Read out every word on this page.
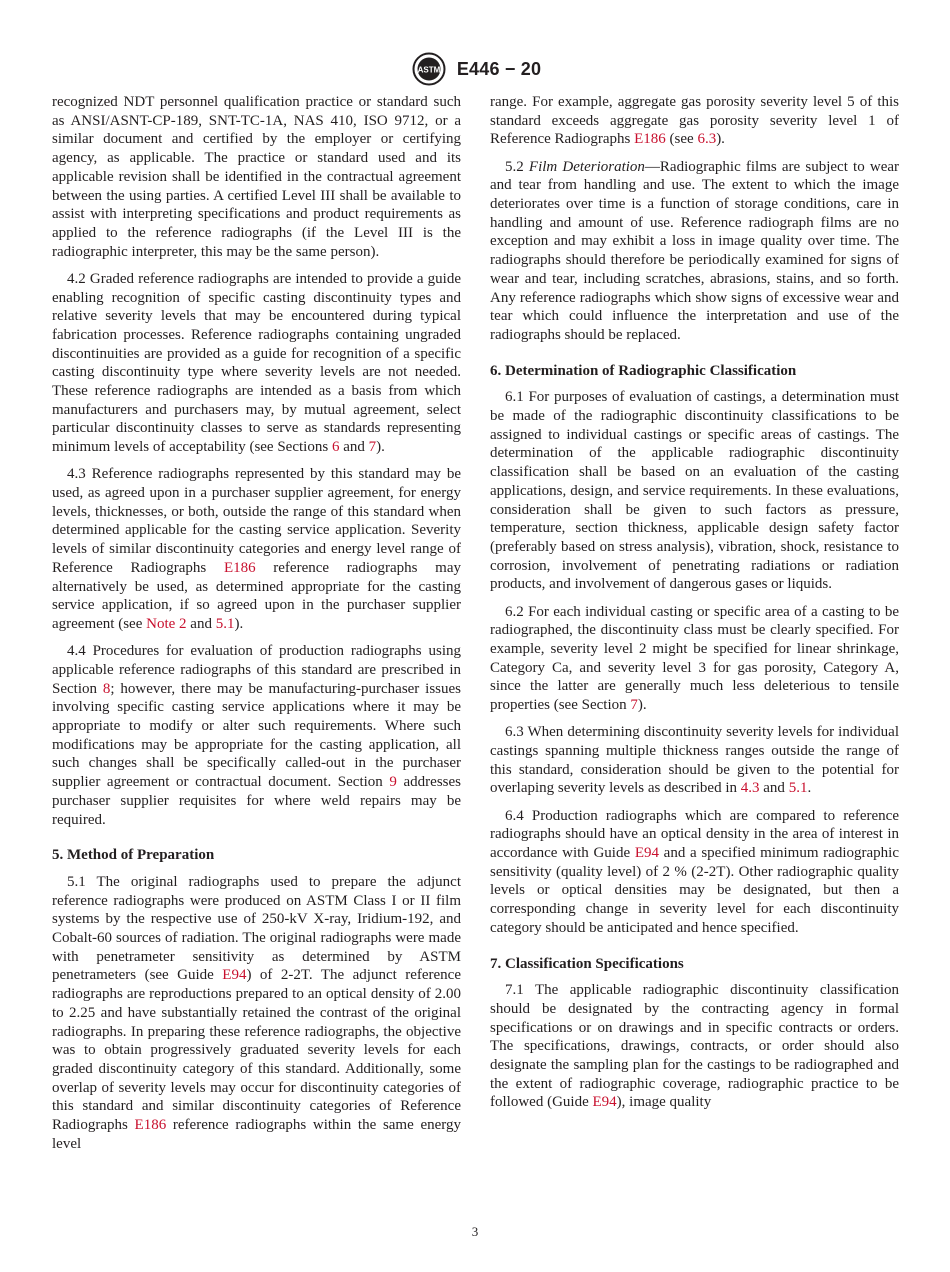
ASTM E446 − 20

recognized NDT personnel qualification practice or standard such as ANSI/ASNT-CP-189, SNT-TC-1A, NAS 410, ISO 9712, or a similar document and certified by the employer or certifying agency, as applicable. The practice or standard used and its applicable revision shall be identified in the contractual agreement between the using parties. A certified Level III shall be available to assist with interpreting specifications and product requirements as applied to the reference radiographs (if the Level III is the radiographic interpreter, this may be the same person).

4.2 Graded reference radiographs are intended to provide a guide enabling recognition of specific casting discontinuity types and relative severity levels that may be encountered during typical fabrication processes. Reference radiographs containing ungraded discontinuities are provided as a guide for recognition of a specific casting discontinuity type where severity levels are not needed. These reference radiographs are intended as a basis from which manufacturers and purchasers may, by mutual agreement, select particular discontinuity classes to serve as standards representing minimum levels of acceptability (see Sections 6 and 7).

4.3 Reference radiographs represented by this standard may be used, as agreed upon in a purchaser supplier agreement, for energy levels, thicknesses, or both, outside the range of this standard when determined applicable for the casting service application. Severity levels of similar discontinuity categories and energy level range of Reference Radiographs E186 reference radiographs may alternatively be used, as determined appropriate for the casting service application, if so agreed upon in the purchaser supplier agreement (see Note 2 and 5.1).

4.4 Procedures for evaluation of production radiographs using applicable reference radiographs of this standard are prescribed in Section 8; however, there may be manufacturing-purchaser issues involving specific casting service applications where it may be appropriate to modify or alter such requirements. Where such modifications may be appropriate for the casting application, all such changes shall be specifically called-out in the purchaser supplier agreement or contractual document. Section 9 addresses purchaser supplier requisites for where weld repairs may be required.

5. Method of Preparation

5.1 The original radiographs used to prepare the adjunct reference radiographs were produced on ASTM Class I or II film systems by the respective use of 250-kV X-ray, Iridium-192, and Cobalt-60 sources of radiation. The original radiographs were made with penetrameter sensitivity as determined by ASTM penetrameters (see Guide E94) of 2-2T. The adjunct reference radiographs are reproductions prepared to an optical density of 2.00 to 2.25 and have substantially retained the contrast of the original radiographs. In preparing these reference radiographs, the objective was to obtain progressively graduated severity levels for each graded discontinuity category of this standard. Additionally, some overlap of severity levels may occur for discontinuity categories of this standard and similar discontinuity categories of Reference Radiographs E186 reference radiographs within the same energy level

range. For example, aggregate gas porosity severity level 5 of this standard exceeds aggregate gas porosity severity level 1 of Reference Radiographs E186 (see 6.3).

5.2 Film Deterioration—Radiographic films are subject to wear and tear from handling and use. The extent to which the image deteriorates over time is a function of storage conditions, care in handling and amount of use. Reference radiograph films are no exception and may exhibit a loss in image quality over time. The radiographs should therefore be periodically examined for signs of wear and tear, including scratches, abrasions, stains, and so forth. Any reference radiographs which show signs of excessive wear and tear which could influence the interpretation and use of the radiographs should be replaced.

6. Determination of Radiographic Classification

6.1 For purposes of evaluation of castings, a determination must be made of the radiographic discontinuity classifications to be assigned to individual castings or specific areas of castings. The determination of the applicable radiographic discontinuity classification shall be based on an evaluation of the casting applications, design, and service requirements. In these evaluations, consideration shall be given to such factors as pressure, temperature, section thickness, applicable design safety factor (preferably based on stress analysis), vibration, shock, resistance to corrosion, involvement of penetrating radiations or radiation products, and involvement of dangerous gases or liquids.

6.2 For each individual casting or specific area of a casting to be radiographed, the discontinuity class must be clearly specified. For example, severity level 2 might be specified for linear shrinkage, Category Ca, and severity level 3 for gas porosity, Category A, since the latter are generally much less deleterious to tensile properties (see Section 7).

6.3 When determining discontinuity severity levels for individual castings spanning multiple thickness ranges outside the range of this standard, consideration should be given to the potential for overlaping severity levels as described in 4.3 and 5.1.

6.4 Production radiographs which are compared to reference radiographs should have an optical density in the area of interest in accordance with Guide E94 and a specified minimum radiographic sensitivity (quality level) of 2 % (2-2T). Other radiographic quality levels or optical densities may be designated, but then a corresponding change in severity level for each discontinuity category should be anticipated and hence specified.

7. Classification Specifications

7.1 The applicable radiographic discontinuity classification should be designated by the contracting agency in formal specifications or on drawings and in specific contracts or orders. The specifications, drawings, contracts, or order should also designate the sampling plan for the castings to be radiographed and the extent of radiographic coverage, radiographic practice to be followed (Guide E94), image quality

3
